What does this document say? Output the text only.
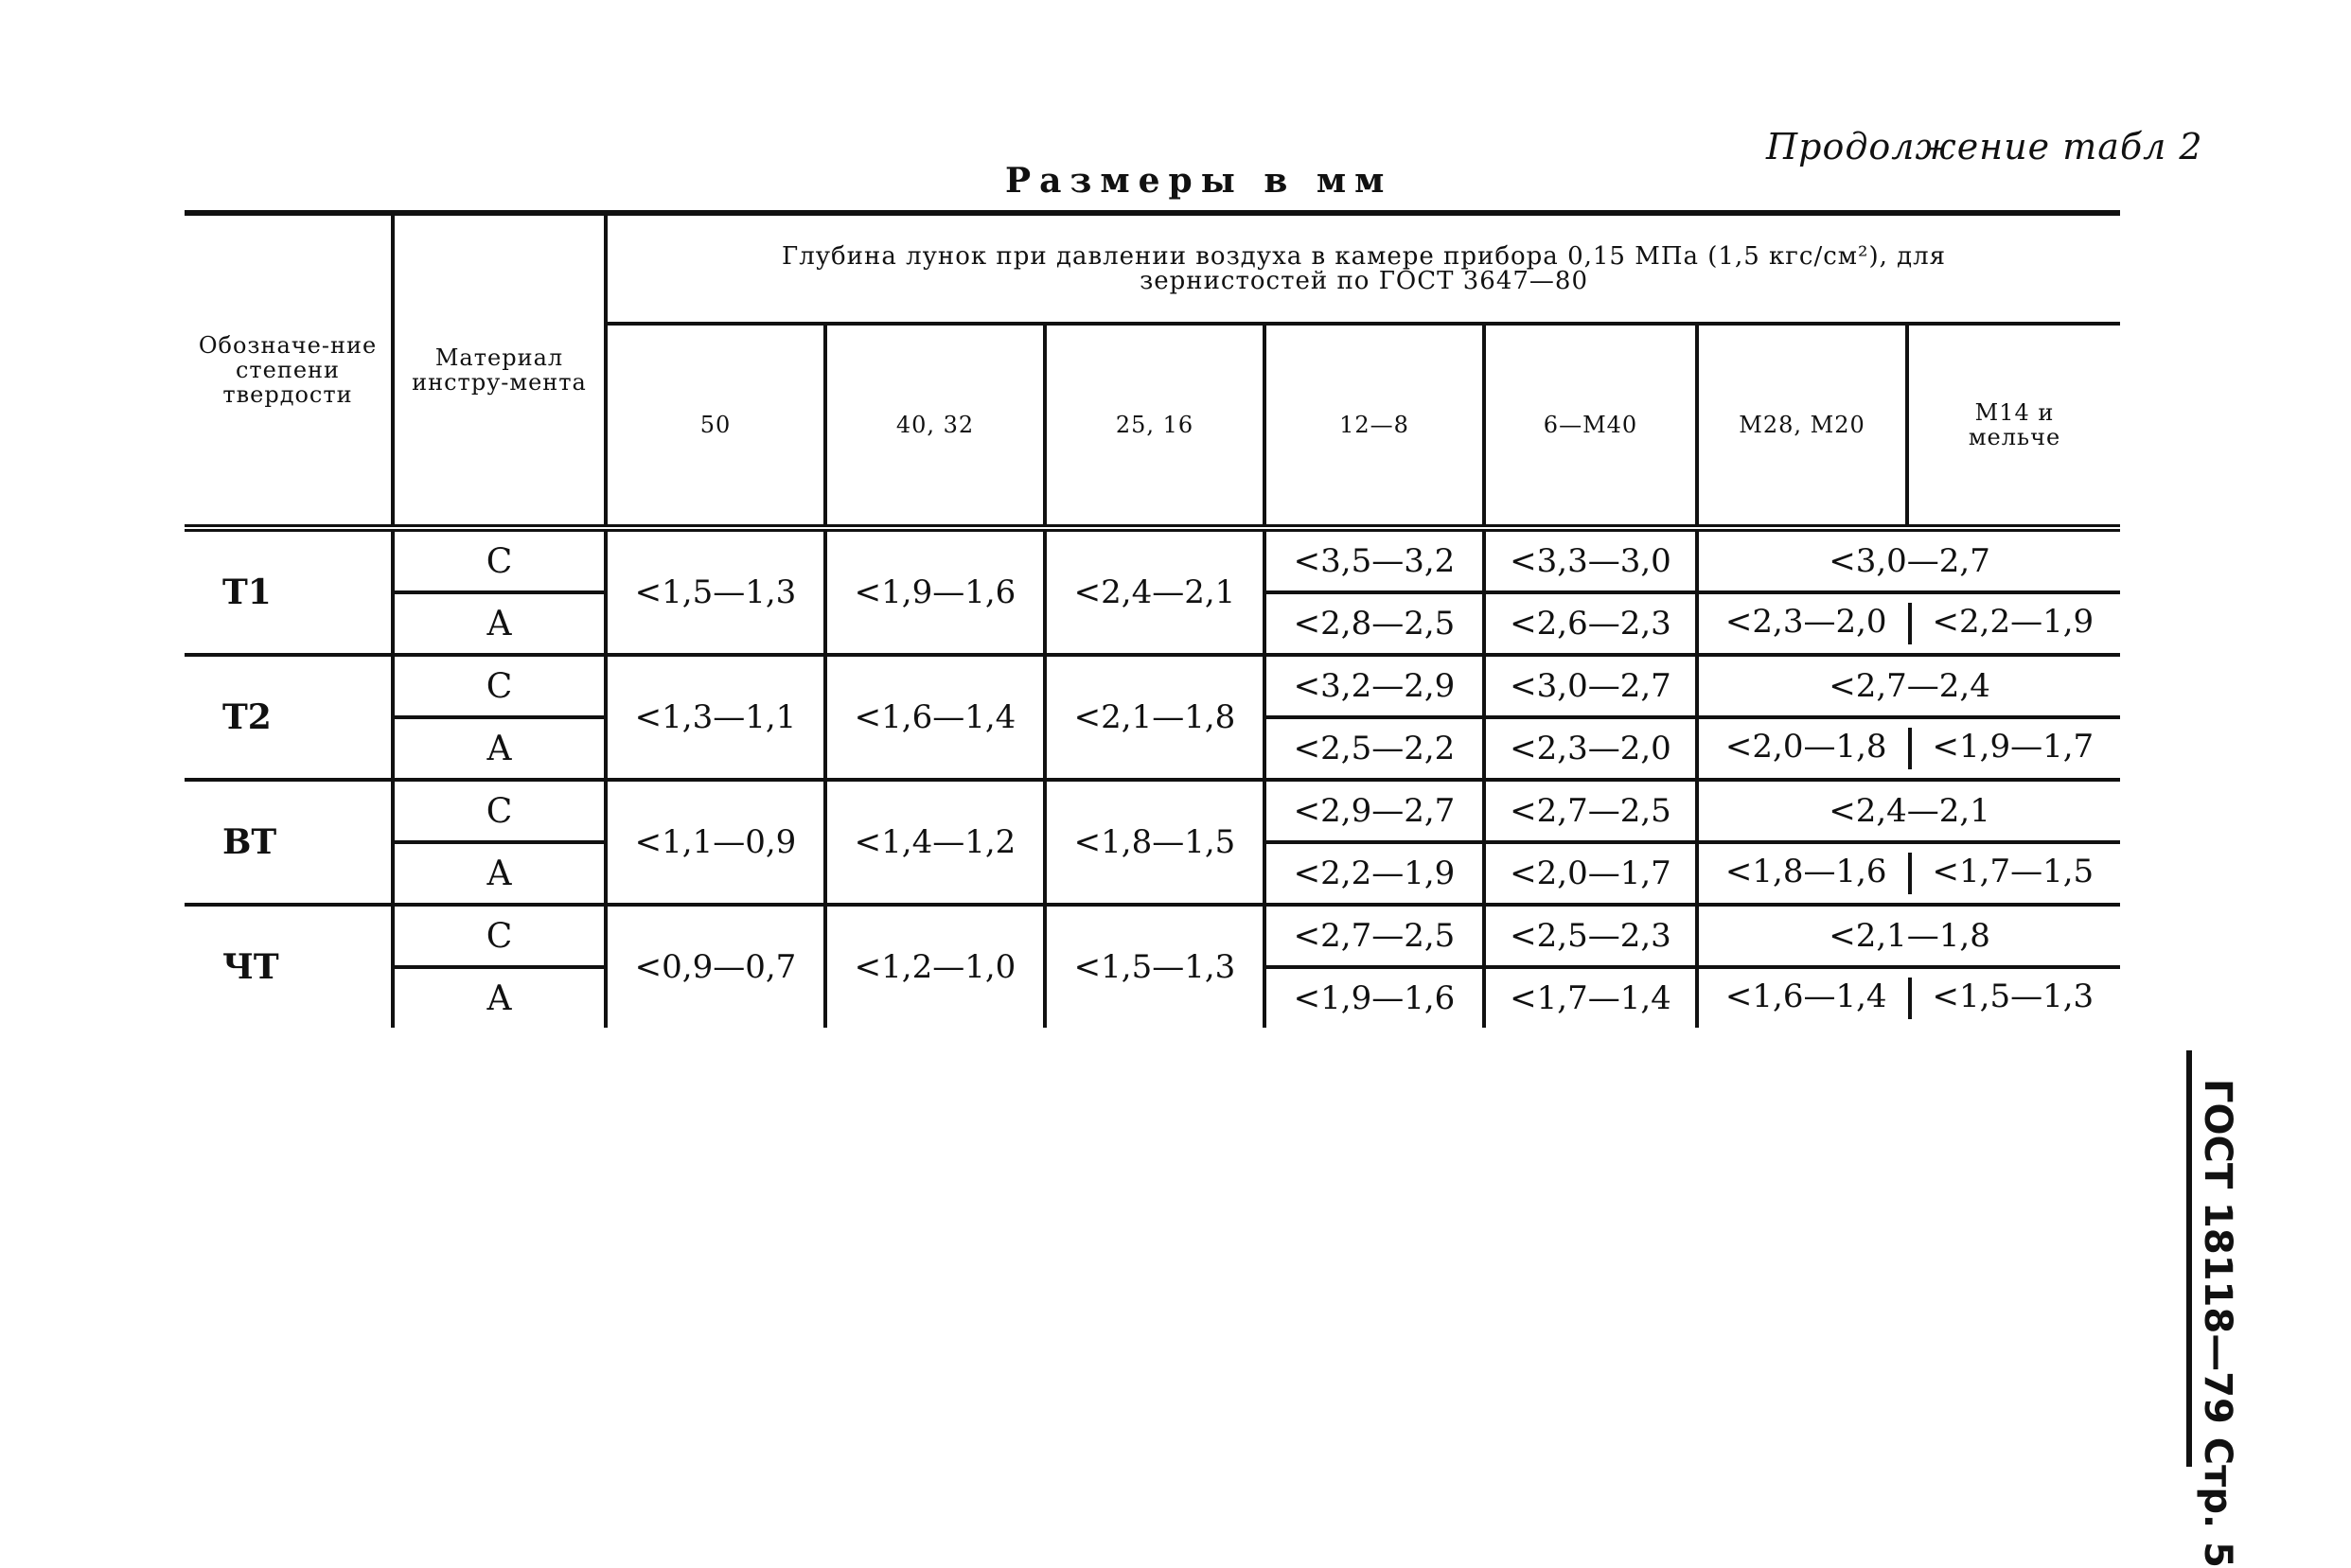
Продолжение табл 2
Размеры в мм
ГОСТ 18118—79 Стр. 5
Обозначе-ние степени твердости	Материал инстру-мента	Глубина лунок при давлении воздуха в камере прибора 0,15 МПа (1,5 кгс/см²), для зернистостей по ГОСТ 3647—80						
		50	40, 32	25, 16	12—8	6—М40	М28, М20	М14 и мельче
Т1	С	<1,5—1,3	<1,9—1,6	<2,4—2,1	<3,5—3,2	<3,3—3,0	<3,0—2,7	
	А				<2,8—2,5	<2,6—2,3	<2,3—2,0 <2,2—1,9	
Т2	С	<1,3—1,1	<1,6—1,4	<2,1—1,8	<3,2—2,9	<3,0—2,7	<2,7—2,4	
	А				<2,5—2,2	<2,3—2,0	<2,0—1,8 <1,9—1,7	
ВТ	С	<1,1—0,9	<1,4—1,2	<1,8—1,5	<2,9—2,7	<2,7—2,5	<2,4—2,1	
	А				<2,2—1,9	<2,0—1,7	<1,8—1,6 <1,7—1,5	
ЧТ	С	<0,9—0,7	<1,2—1,0	<1,5—1,3	<2,7—2,5	<2,5—2,3	<2,1—1,8	
	А				<1,9—1,6	<1,7—1,4	<1,6—1,4 <1,5—1,3	
